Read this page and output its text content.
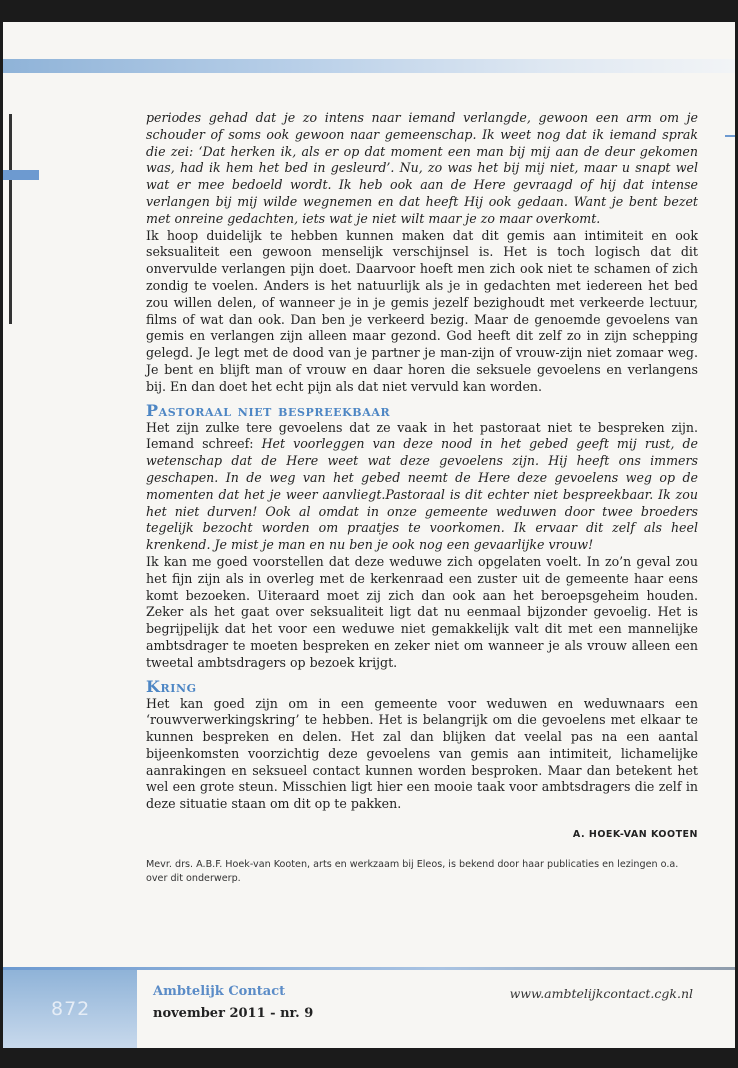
periodes gehad dat je zo intens naar iemand verlangde, gewoon een arm om je schouder of soms ook gewoon naar gemeenschap. Ik weet nog dat ik iemand sprak die zei: ‘Dat herken ik, als er op dat moment een man bij mij aan de deur gekomen was, had ik hem het bed in gesleurd’. Nu, zo was het bij mij niet, maar u snapt wel wat er mee bedoeld wordt. Ik heb ook aan de Here gevraagd of hij dat intense verlangen bij mij wilde wegnemen en dat heeft Hij ook gedaan. Want je bent bezet met onreine gedachten, iets wat je niet wilt maar je zo maar overkomt.

Ik hoop duidelijk te hebben kunnen maken dat dit gemis aan intimiteit en ook seksualiteit een gewoon menselijk verschijnsel is. Het is toch logisch dat dit onvervulde verlangen pijn doet. Daarvoor hoeft men zich ook niet te schamen of zich zondig te voelen. Anders is het natuurlijk als je in gedachten met iedereen het bed zou willen delen, of wanneer je in je gemis jezelf bezighoudt met verkeerde lectuur, films of wat dan ook. Dan ben je verkeerd bezig. Maar de genoemde gevoelens van gemis en verlangen zijn alleen maar gezond. God heeft dit zelf zo in zijn schepping gelegd. Je legt met de dood van je partner je man-zijn of vrouw-zijn niet zomaar weg. Je bent en blijft man of vrouw en daar horen die seksuele gevoelens en verlangens bij. En dan doet het echt pijn als dat niet vervuld kan worden.

Pastoraal niet bespreekbaar

Het zijn zulke tere gevoelens dat ze vaak in het pastoraat niet te bespreken zijn. Iemand schreef: Het voorleggen van deze nood in het gebed geeft mij rust, de wetenschap dat de Here weet wat deze gevoelens zijn. Hij heeft ons immers geschapen. In de weg van het gebed neemt de Here deze gevoelens weg op de momenten dat het je weer aanvliegt.Pastoraal is dit echter niet bespreekbaar. Ik zou het niet durven! Ook al omdat in onze gemeente weduwen door twee broeders tegelijk bezocht worden om praatjes te voorkomen. Ik ervaar dit zelf als heel krenkend. Je mist je man en nu ben je ook nog een gevaarlijke vrouw!

Ik kan me goed voorstellen dat deze weduwe zich opgelaten voelt. In zo’n geval zou het fijn zijn als in overleg met de kerkenraad een zuster uit de gemeente haar eens komt bezoeken. Uiteraard moet zij zich dan ook aan het beroepsgeheim houden. Zeker als het gaat over seksualiteit ligt dat nu eenmaal bijzonder gevoelig. Het is begrijpelijk dat het voor een weduwe niet gemakkelijk valt dit met een mannelijke ambtsdrager te moeten bespreken en zeker niet om wanneer je als vrouw alleen een tweetal ambtsdragers op bezoek krijgt.

Kring

Het kan goed zijn om in een gemeente voor weduwen en weduwnaars een ‘rouwverwerkingskring’ te hebben. Het is belangrijk om die gevoelens met elkaar te kunnen bespreken en delen. Het zal dan blijken dat veelal pas na een aantal bijeenkomsten voorzichtig deze gevoelens van gemis aan intimiteit, lichamelijke aanrakingen en seksueel contact kunnen worden besproken. Maar dan betekent het wel een grote steun. Misschien ligt hier een mooie taak voor ambtsdragers die zelf in deze situatie staan om dit op te pakken.

A. HOEK-VAN KOOTEN
Mevr. drs. A.B.F. Hoek-van Kooten, arts en werkzaam bij Eleos, is bekend door haar publicaties en lezingen o.a. over dit onderwerp.
872
Ambtelijk Contact
november 2011 - nr. 9
www.ambtelijkcontact.cgk.nl
